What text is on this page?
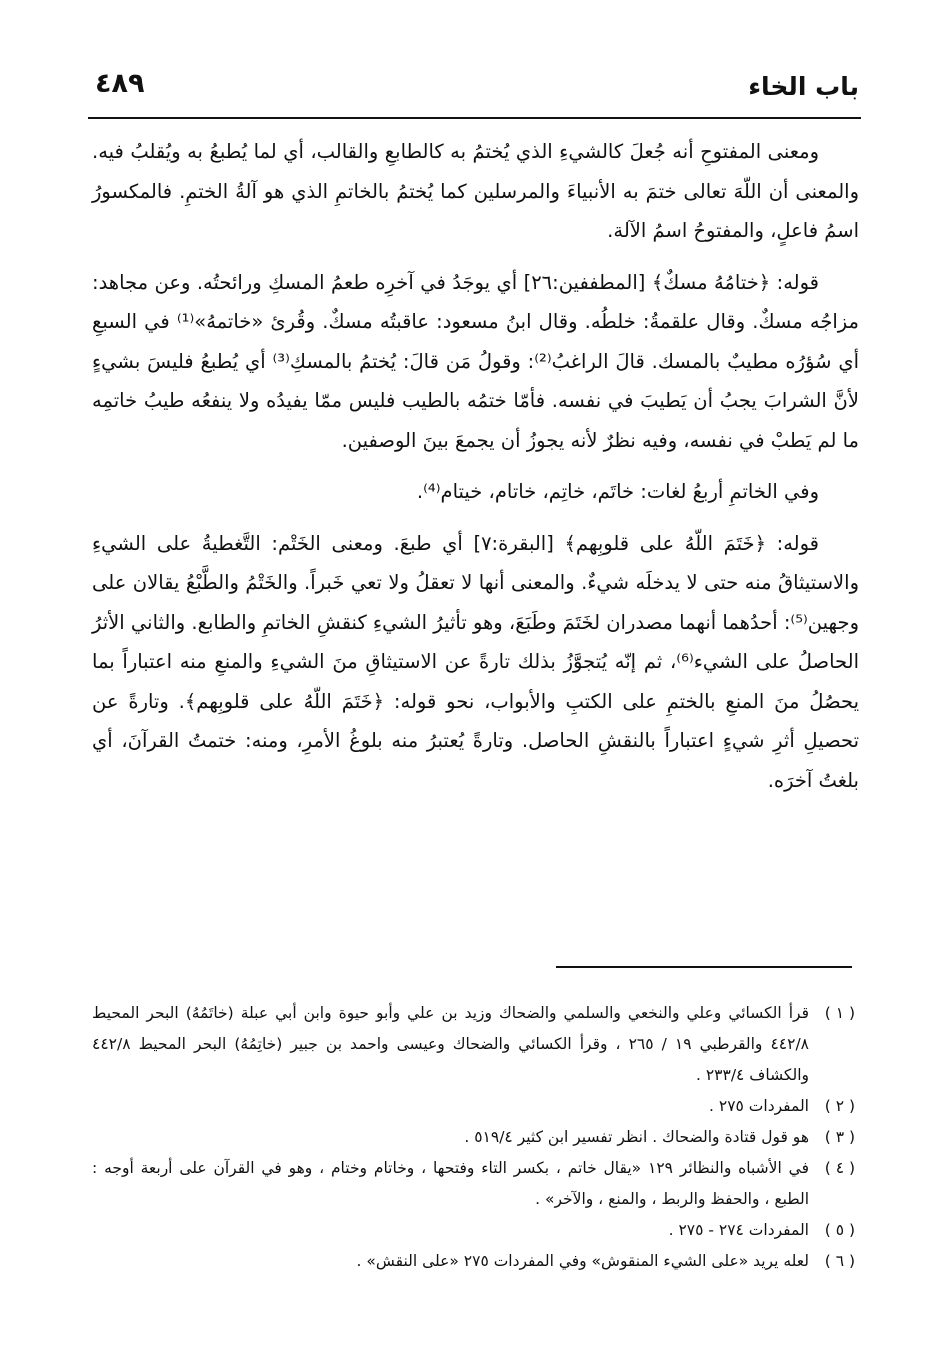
باب الخاء
٤٨٩

ومعنى المفتوحِ أنه جُعلَ كالشيءِ الذي يُختمُ به كالطابعِ والقالب، أي لما يُطبعُ به ويُقلبُ فيه. والمعنى أن اللّهَ تعالى ختمَ به الأنبياءَ والمرسلين كما يُختمُ بالخاتمِ الذي هو آلةُ الختمِ. فالمكسورُ اسمُ فاعلٍ، والمفتوحُ اسمُ الآلة.

قوله: ﴿ختامُهُ مسكٌ﴾ [المطففين:٢٦] أي يوجَدُ في آخرِه طعمُ المسكِ ورائحتُه. وعن مجاهد: مزاجُه مسكٌ. وقال علقمةُ: خلطُه. وقال ابنُ مسعود: عاقبتُه مسكٌ. وقُرئ «خاتمهُ»⁽¹⁾ في السبعِ أي سُؤرُه مطيبٌ بالمسك. قالَ الراغبُ⁽²⁾: وقولُ مَن قالَ: يُختمُ بالمسكِ⁽³⁾ أي يُطبعُ فليسَ بشيءٍ لأنَّ الشرابَ يجبُ أن يَطيبَ في نفسه. فأمّا ختمُه بالطيب فليس ممّا يفيدُه ولا ينفعُه طيبُ خاتمِه ما لم يَطبْ في نفسه، وفيه نظرٌ لأنه يجوزُ أن يجمعَ بينَ الوصفين.

وفي الخاتمِ أربعُ لغات: خاتَم، خاتِم، خاتام، خيتام⁽⁴⁾.

قوله: ﴿خَتَمَ اللّهُ على قلوبِهم﴾ [البقرة:٧] أي طبعَ. ومعنى الخَتْم: التَّغطيةُ على الشيءِ والاستيثاقُ منه حتى لا يدخلَه شيءٌ. والمعنى أنها لا تعقلُ ولا تعي خَبراً. والخَتْمُ والطَّبْعُ يقالان على وجهين⁽⁵⁾: أحدُهما أنهما مصدران لخَتَمَ وطَبَعَ، وهو تأثيرُ الشيءِ كنقشِ الخاتمِ والطابع. والثاني الأثرُ الحاصلُ على الشيء⁽⁶⁾، ثم إنّه يُتجوَّزُ بذلك تارةً عن الاستيثاقِ منَ الشيءِ والمنعِ منه اعتباراً بما يحصُلُ منَ المنعِ بالختمِ على الكتبِ والأبواب، نحو قوله: ﴿خَتَمَ اللّهُ على قلوبِهم﴾. وتارةً عن تحصيلِ أثرِ شيءٍ اعتباراً بالنقشِ الحاصل. وتارةً يُعتبرُ منه بلوغُ الأمرِ، ومنه: ختمتُ القرآنَ، أي بلغتُ آخرَه.

( ١ )
قرأ الكسائي وعلي والنخعي والسلمي والضحاك وزيد بن علي وأبو حيوة وابن أبي عبلة (خاتَمُهُ) البحر المحيط ٤٤٢/٨ والقرطبي ١٩ / ٢٦٥ ، وقرأ الكسائي والضحاك وعيسى واحمد بن جبير (خاتِمُهُ) البحر المحيط ٤٤٢/٨ والكشاف ٢٣٣/٤ .
( ٢ )
المفردات ٢٧٥ .
( ٣ )
هو قول قتادة والضحاك . انظر تفسير ابن كثير ٥١٩/٤ .
( ٤ )
في الأشباه والنظائر ١٢٩ «يقال خاتم ، بكسر التاء وفتحها ، وخاتام وختام ، وهو في القرآن على أربعة أوجه : الطبع ، والحفظ والربط ، والمنع ، والآخر» .
( ٥ )
المفردات ٢٧٤ - ٢٧٥ .
( ٦ )
لعله يريد «على الشيء المنقوش» وفي المفردات ٢٧٥ «على النقش» .
